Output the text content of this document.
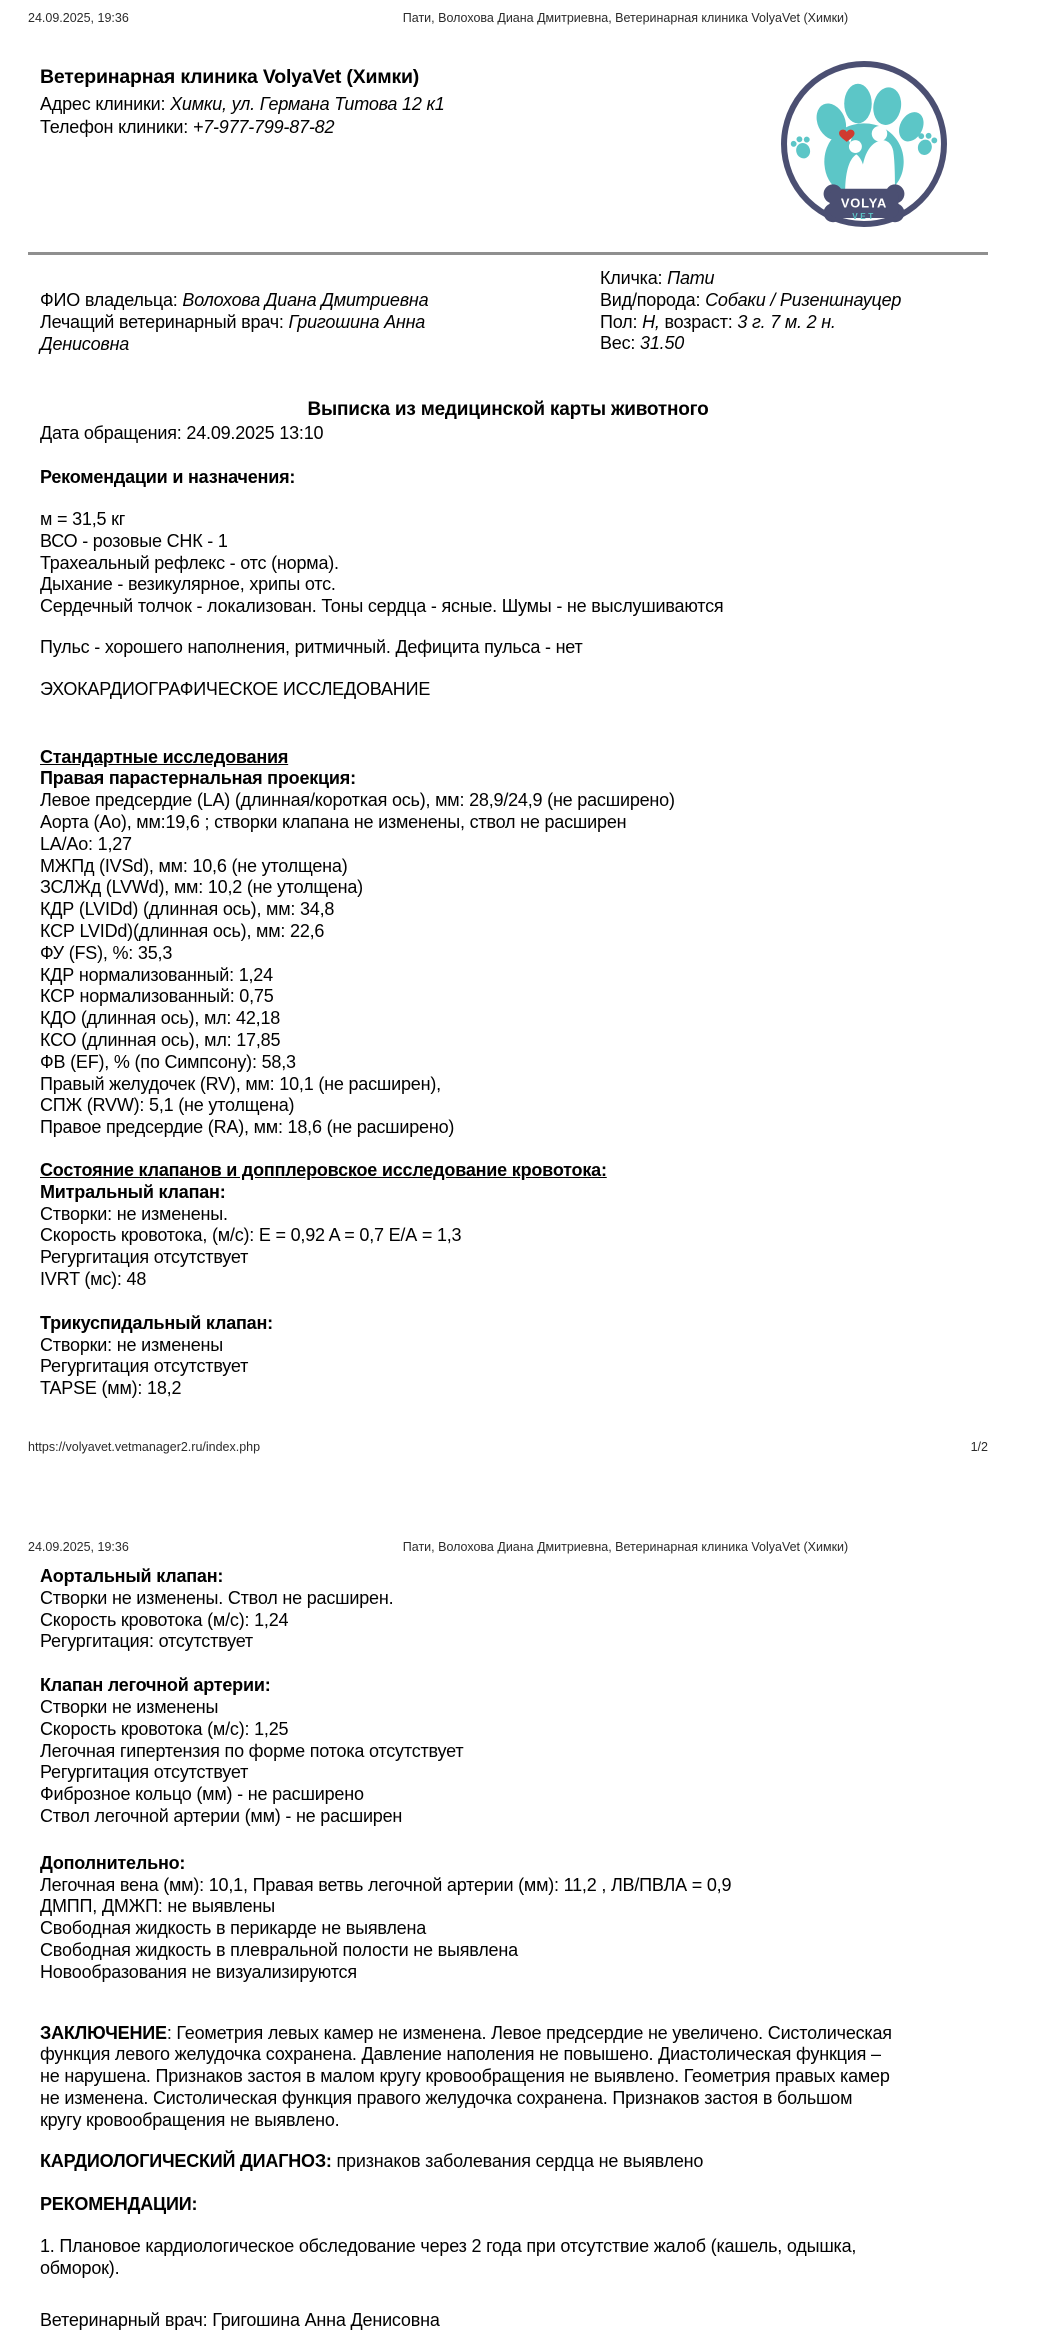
24.09.2025, 19:36	Пати, Волохова Диана Дмитриевна, Ветеринарная клиника VolyaVet (Химки)
Ветеринарная клиника VolyaVet (Химки)
Адрес клиники: Химки, ул. Германа Титова 12 к1
Телефон клиники: +7-977-799-87-82
VOLYA
VET
ФИО владельца: Волохова Диана Дмитриевна
Лечащий ветеринарный врач: Григошина Анна Денисовна
Кличка: Пати
Вид/порода: Собаки / Ризеншнауцер
Пол: Н, возраст: 3 г. 7 м. 2 н.
Вес: 31.50
Выписка из медицинской карты животного
Дата обращения: 24.09.2025 13:10
Рекомендации и назначения:
м = 31,5 кг
ВСО - розовые СНК - 1
Трахеальный рефлекс - отс (норма).
Дыхание - везикулярное, хрипы отс.
Сердечный толчок - локализован. Тоны сердца - ясные. Шумы - не выслушиваются
Пульс - хорошего наполнения, ритмичный. Дефицита пульса - нет
ЭХОКАРДИОГРАФИЧЕСКОЕ ИССЛЕДОВАНИЕ
Стандартные исследования
Правая парастернальная проекция:
Левое предсердие (LA) (длинная/короткая ось), мм: 28,9/24,9 (не расширено)
Аорта (Ао), мм:19,6 ; створки клапана не изменены, ствол не расширен
LA/Ao: 1,27
МЖПд (IVSd), мм: 10,6 (не утолщена)
ЗСЛЖд (LVWd), мм: 10,2 (не утолщена)
КДР (LVIDd) (длинная ось), мм: 34,8
КСР LVIDd)(длинная ось), мм: 22,6
ФУ (FS), %: 35,3
КДР нормализованный: 1,24
КСР нормализованный: 0,75
КДО (длинная ось), мл: 42,18
КСО (длинная ось), мл: 17,85
ФВ (EF), % (по Симпсону): 58,3
Правый желудочек (RV), мм: 10,1 (не расширен),
СПЖ (RVW): 5,1 (не утолщена)
Правое предсердие (RA), мм: 18,6 (не расширено)
Состояние клапанов и допплеровское исследование кровотока:
Митральный клапан:
Створки: не изменены.
Скорость кровотока, (м/с): E = 0,92 A = 0,7 Е/А = 1,3
Регургитация отсутствует
IVRT (мс): 48
Трикуспидальный клапан:
Створки: не изменены
Регургитация отсутствует
TAPSE (мм): 18,2
https://volyavet.vetmanager2.ru/index.php	1/2
24.09.2025, 19:36	Пати, Волохова Диана Дмитриевна, Ветеринарная клиника VolyaVet (Химки)
Аортальный клапан:
Створки не изменены. Ствол не расширен.
Скорость кровотока (м/с): 1,24
Регургитация: отсутствует
Клапан легочной артерии:
Створки не изменены
Скорость кровотока (м/с): 1,25
Легочная гипертензия по форме потока отсутствует
Регургитация отсутствует
Фиброзное кольцо (мм) - не расширено
Ствол легочной артерии (мм) - не расширен
Дополнительно:
Легочная вена (мм): 10,1, Правая ветвь легочной артерии (мм): 11,2 , ЛВ/ПВЛА = 0,9
ДМПП, ДМЖП: не выявлены
Свободная жидкость в перикарде не выявлена
Свободная жидкость в плевральной полости не выявлена
Новообразования не визуализируются
ЗАКЛЮЧЕНИЕ: Геометрия левых камер не изменена. Левое предсердие не увеличено. Систолическая функция левого желудочка сохранена. Давление наполения не повышено. Диастолическая функция – не нарушена. Признаков застоя в малом кругу кровообращения не выявлено. Геометрия правых камер не изменена. Систолическая функция правого желудочка сохранена. Признаков застоя в большом кругу кровообращения не выявлено.
КАРДИОЛОГИЧЕСКИЙ ДИАГНОЗ: признаков заболевания сердца не выявлено
РЕКОМЕНДАЦИИ:
1. Плановое кардиологическое обследование через 2 года при отсутствие жалоб (кашель, одышка, обморок).
Ветеринарный врач: Григошина Анна Денисовна
